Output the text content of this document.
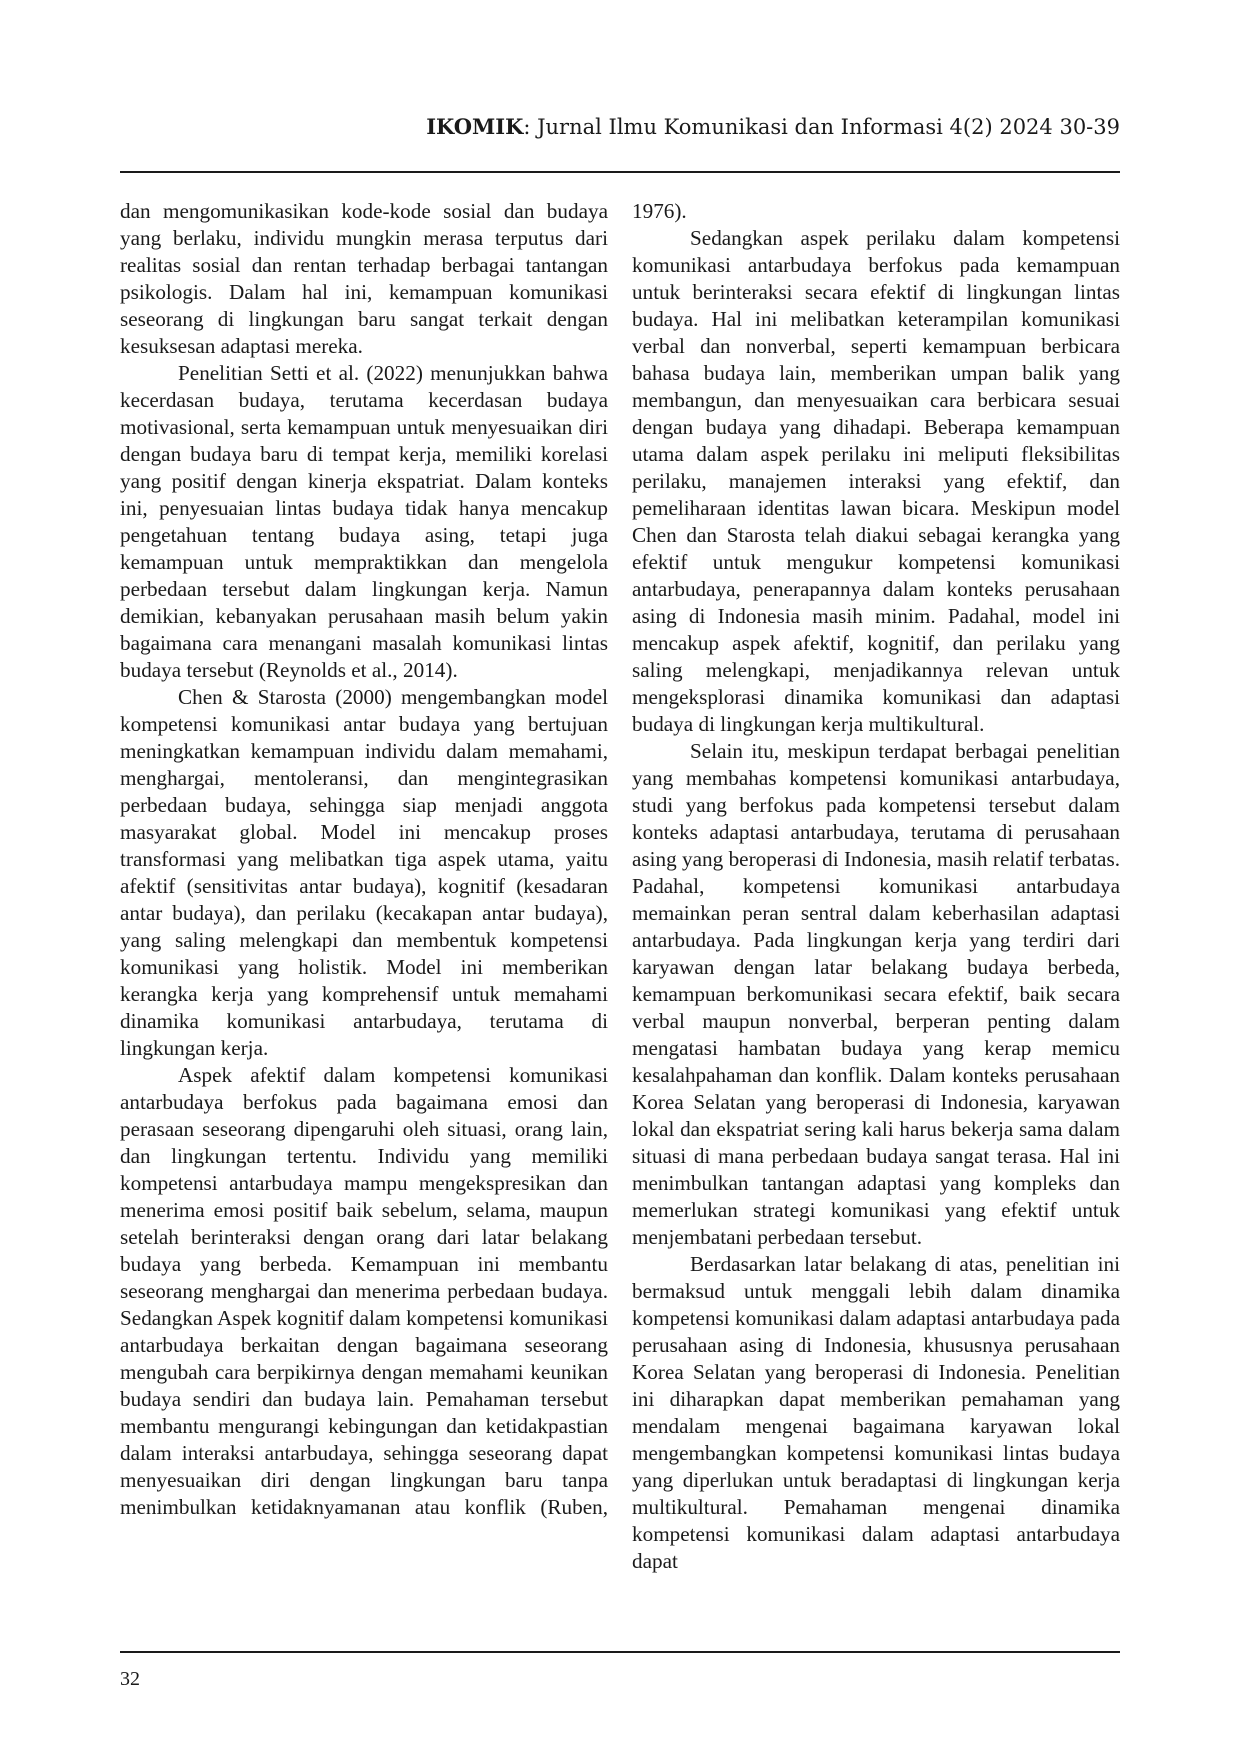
IKOMIK: Jurnal Ilmu Komunikasi dan Informasi 4(2) 2024 30-39

dan mengomunikasikan kode-kode sosial dan budaya yang berlaku, individu mungkin merasa terputus dari realitas sosial dan rentan terhadap berbagai tantangan psikologis. Dalam hal ini, kemampuan komunikasi seseorang di lingkungan baru sangat terkait dengan kesuksesan adaptasi mereka.

Penelitian Setti et al. (2022) menunjukkan bahwa kecerdasan budaya, terutama kecerdasan budaya motivasional, serta kemampuan untuk menyesuaikan diri dengan budaya baru di tempat kerja, memiliki korelasi yang positif dengan kinerja ekspatriat. Dalam konteks ini, penyesuaian lintas budaya tidak hanya mencakup pengetahuan tentang budaya asing, tetapi juga kemampuan untuk mempraktikkan dan mengelola perbedaan tersebut dalam lingkungan kerja. Namun demikian, kebanyakan perusahaan masih belum yakin bagaimana cara menangani masalah komunikasi lintas budaya tersebut (Reynolds et al., 2014).

Chen & Starosta (2000) mengembangkan model kompetensi komunikasi antar budaya yang bertujuan meningkatkan kemampuan individu dalam memahami, menghargai, mentoleransi, dan mengintegrasikan perbedaan budaya, sehingga siap menjadi anggota masyarakat global. Model ini mencakup proses transformasi yang melibatkan tiga aspek utama, yaitu afektif (sensitivitas antar budaya), kognitif (kesadaran antar budaya), dan perilaku (kecakapan antar budaya), yang saling melengkapi dan membentuk kompetensi komunikasi yang holistik. Model ini memberikan kerangka kerja yang komprehensif untuk memahami dinamika komunikasi antarbudaya, terutama di lingkungan kerja.

Aspek afektif dalam kompetensi komunikasi antarbudaya berfokus pada bagaimana emosi dan perasaan seseorang dipengaruhi oleh situasi, orang lain, dan lingkungan tertentu. Individu yang memiliki kompetensi antarbudaya mampu mengekspresikan dan menerima emosi positif baik sebelum, selama, maupun setelah berinteraksi dengan orang dari latar belakang budaya yang berbeda. Kemampuan ini membantu seseorang menghargai dan menerima perbedaan budaya. Sedangkan Aspek kognitif dalam kompetensi komunikasi antarbudaya berkaitan dengan bagaimana seseorang mengubah cara berpikirnya dengan memahami keunikan budaya sendiri dan budaya lain. Pemahaman tersebut membantu mengurangi kebingungan dan ketidakpastian dalam interaksi antarbudaya, sehingga seseorang dapat menyesuaikan diri dengan lingkungan baru tanpa menimbulkan ketidaknyamanan atau konflik (Ruben,

1976).

Sedangkan aspek perilaku dalam kompetensi komunikasi antarbudaya berfokus pada kemampuan untuk berinteraksi secara efektif di lingkungan lintas budaya. Hal ini melibatkan keterampilan komunikasi verbal dan nonverbal, seperti kemampuan berbicara bahasa budaya lain, memberikan umpan balik yang membangun, dan menyesuaikan cara berbicara sesuai dengan budaya yang dihadapi. Beberapa kemampuan utama dalam aspek perilaku ini meliputi fleksibilitas perilaku, manajemen interaksi yang efektif, dan pemeliharaan identitas lawan bicara. Meskipun model Chen dan Starosta telah diakui sebagai kerangka yang efektif untuk mengukur kompetensi komunikasi antarbudaya, penerapannya dalam konteks perusahaan asing di Indonesia masih minim. Padahal, model ini mencakup aspek afektif, kognitif, dan perilaku yang saling melengkapi, menjadikannya relevan untuk mengeksplorasi dinamika komunikasi dan adaptasi budaya di lingkungan kerja multikultural.

Selain itu, meskipun terdapat berbagai penelitian yang membahas kompetensi komunikasi antarbudaya, studi yang berfokus pada kompetensi tersebut dalam konteks adaptasi antarbudaya, terutama di perusahaan asing yang beroperasi di Indonesia, masih relatif terbatas. Padahal, kompetensi komunikasi antarbudaya memainkan peran sentral dalam keberhasilan adaptasi antarbudaya. Pada lingkungan kerja yang terdiri dari karyawan dengan latar belakang budaya berbeda, kemampuan berkomunikasi secara efektif, baik secara verbal maupun nonverbal, berperan penting dalam mengatasi hambatan budaya yang kerap memicu kesalahpahaman dan konflik. Dalam konteks perusahaan Korea Selatan yang beroperasi di Indonesia, karyawan lokal dan ekspatriat sering kali harus bekerja sama dalam situasi di mana perbedaan budaya sangat terasa. Hal ini menimbulkan tantangan adaptasi yang kompleks dan memerlukan strategi komunikasi yang efektif untuk menjembatani perbedaan tersebut.

Berdasarkan latar belakang di atas, penelitian ini bermaksud untuk menggali lebih dalam dinamika kompetensi komunikasi dalam adaptasi antarbudaya pada perusahaan asing di Indonesia, khususnya perusahaan Korea Selatan yang beroperasi di Indonesia. Penelitian ini diharapkan dapat memberikan pemahaman yang mendalam mengenai bagaimana karyawan lokal mengembangkan kompetensi komunikasi lintas budaya yang diperlukan untuk beradaptasi di lingkungan kerja multikultural. Pemahaman mengenai dinamika kompetensi komunikasi dalam adaptasi antarbudaya dapat

32
